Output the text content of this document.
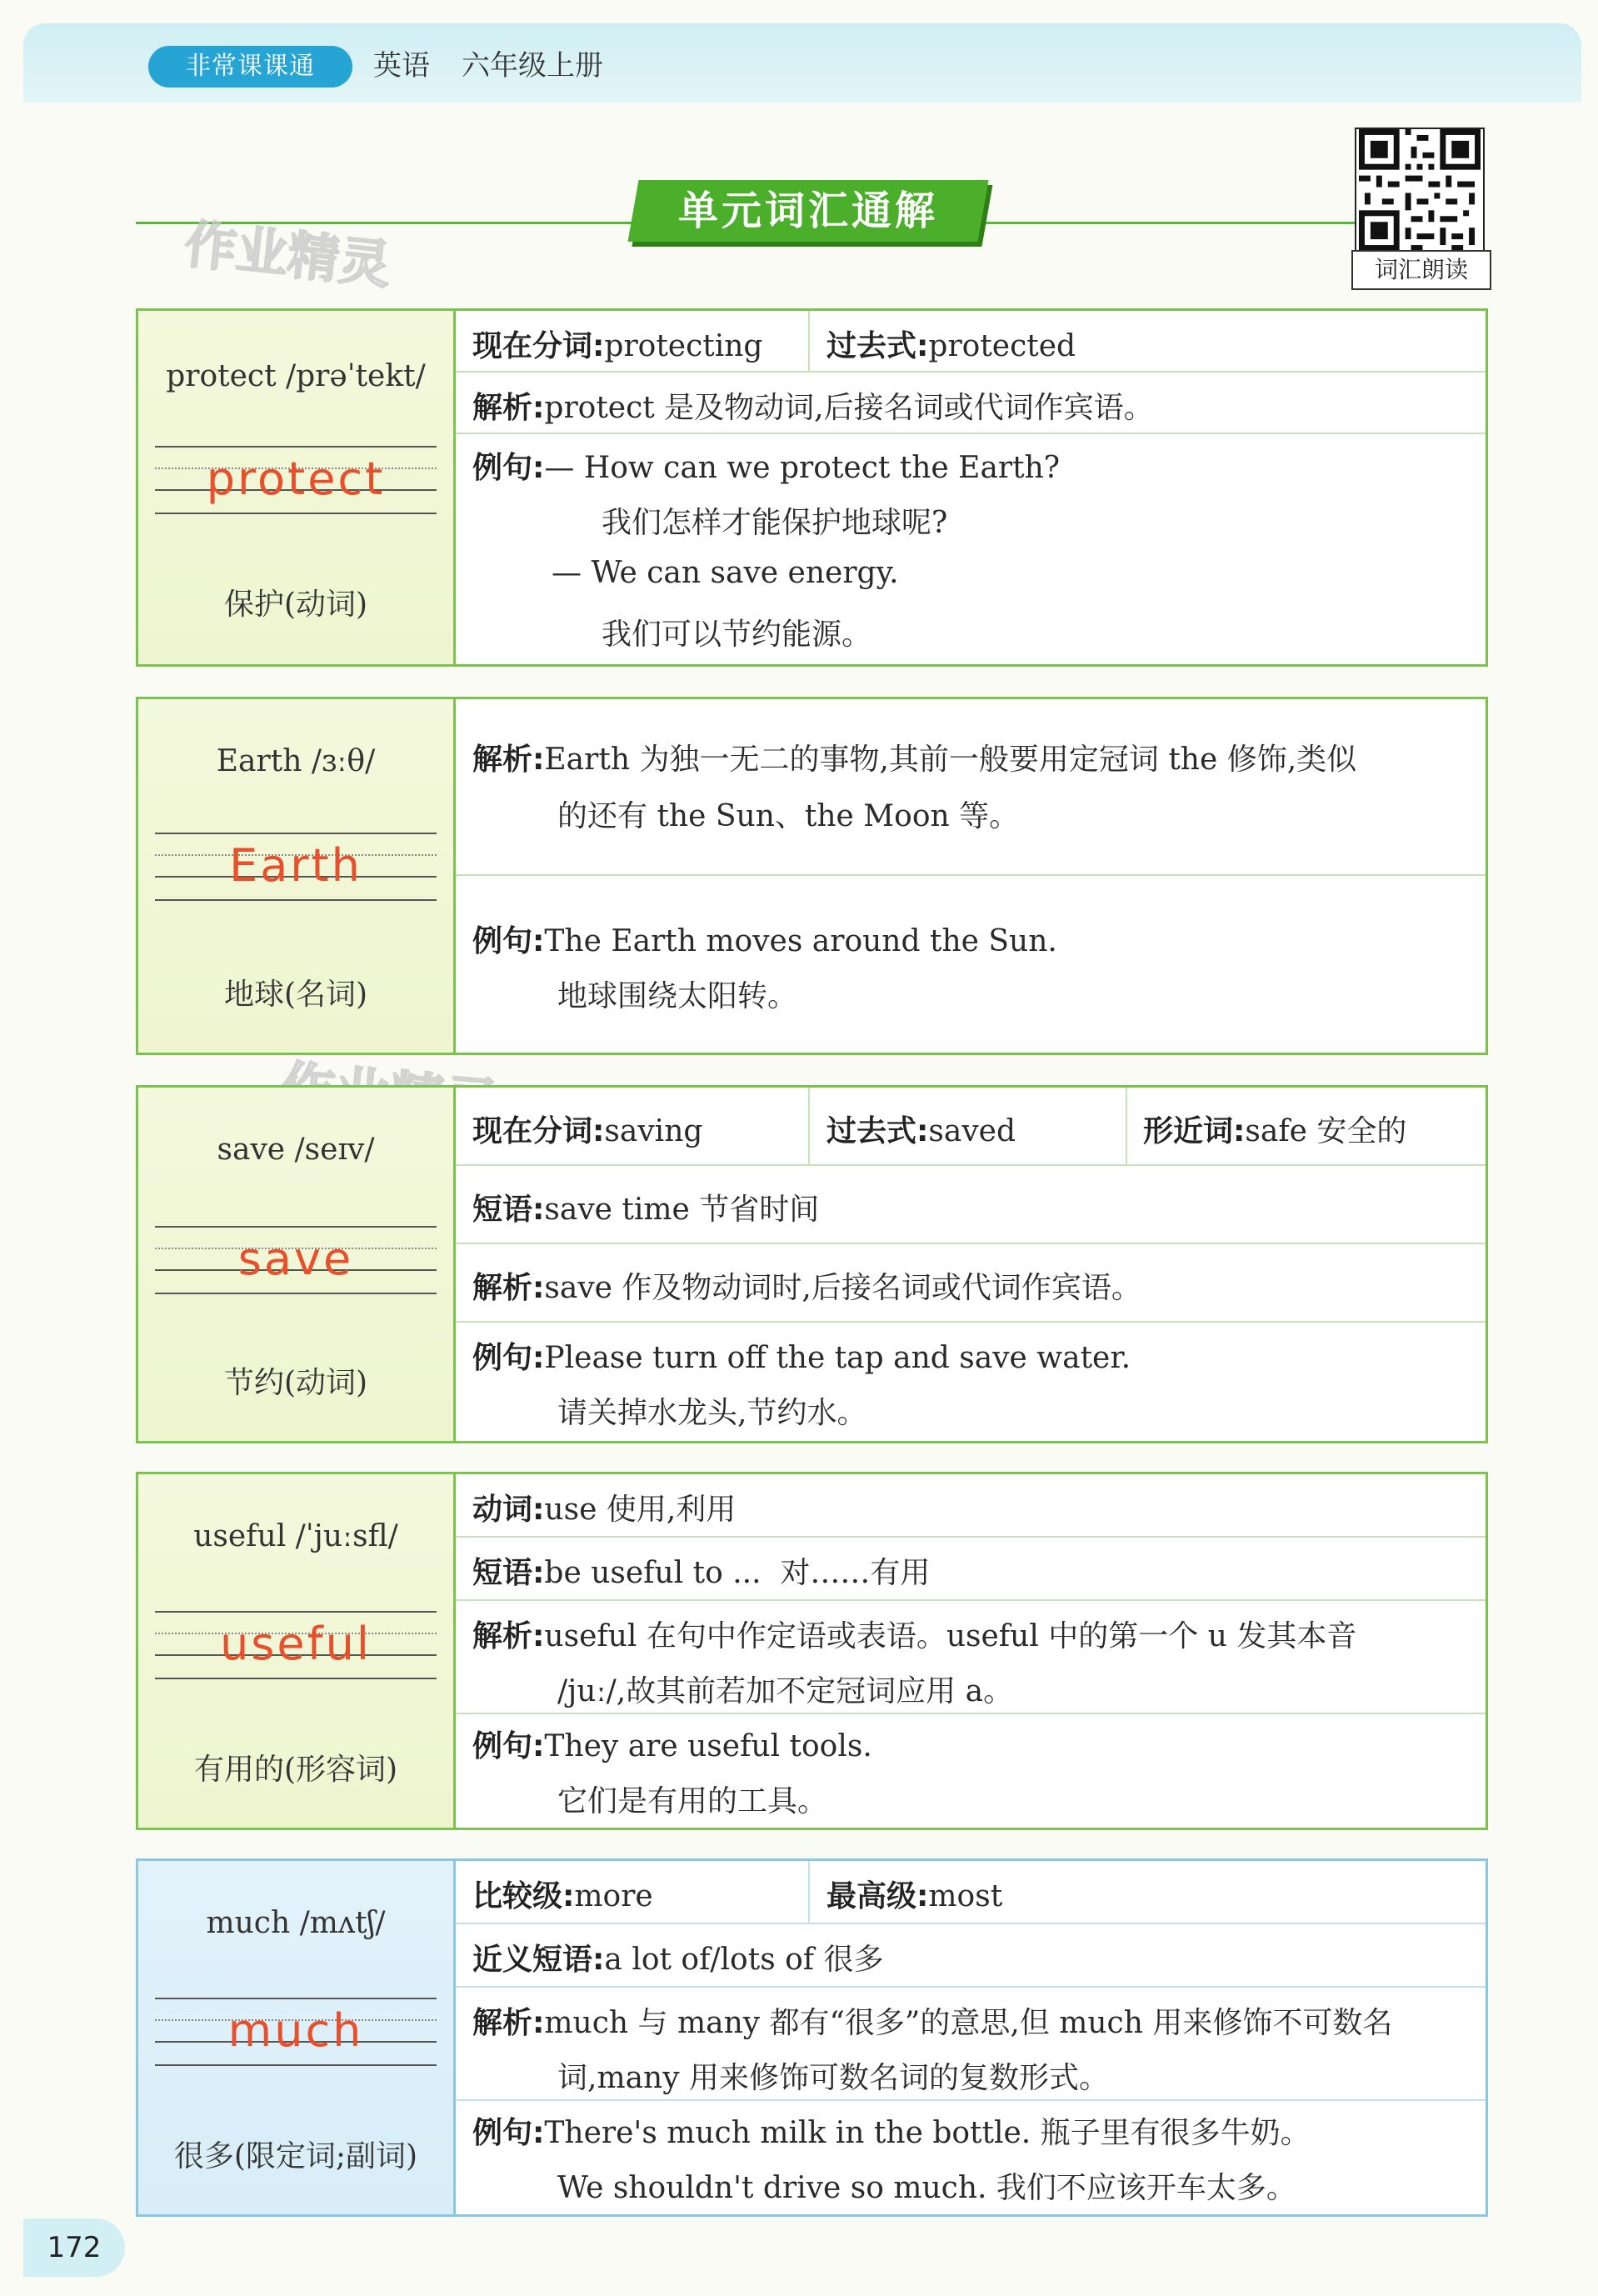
非常课课通	英语 六年级上册
单元词汇通解
词汇朗读
作业精灵
protect /prəˈtekt/
protect
保护(动词)
现在分词:protecting 过去式:protected
解析:protect 是及物动词,后接名词或代词作宾语。
例句:— How can we protect the Earth?
我们怎样才能保护地球呢?
— We can save energy.
我们可以节约能源。
Earth /ɜːθ/
Earth
地球(名词)
解析:Earth 为独一无二的事物,其前一般要用定冠词 the 修饰,类似
的还有 the Sun、the Moon 等。
例句:The Earth moves around the Sun.
地球围绕太阳转。
save /seɪv/
save
节约(动词)
现在分词:saving	过去式:saved	形近词:safe 安全的
短语:save time 节省时间
解析:save 作及物动词时,后接名词或代词作宾语。
例句:Please turn off the tap and save water.
请关掉水龙头,节约水。
useful /ˈjuːsfl/
useful
有用的(形容词)
动词:use 使用,利用
短语:be useful to ...  对……有用
解析:useful 在句中作定语或表语。useful 中的第一个 u 发其本音
/juː/,故其前若加不定冠词应用 a。
例句:They are useful tools.
它们是有用的工具。
much /mʌtʃ/
much
很多(限定词;副词)
比较级:more	最高级:most
近义短语:a lot of/lots of 很多
解析:much 与 many 都有“很多”的意思,但 much 用来修饰不可数名
词,many 用来修饰可数名词的复数形式。
例句:There's much milk in the bottle. 瓶子里有很多牛奶。
We shouldn't drive so much. 我们不应该开车太多。
172
